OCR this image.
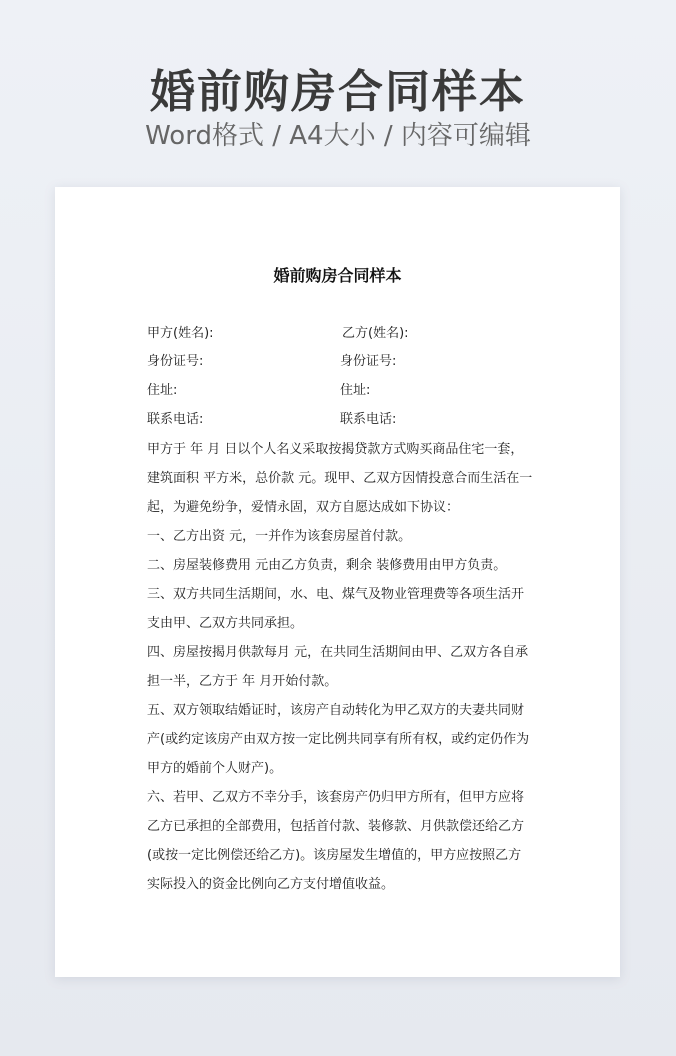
婚前购房合同样本
Word格式 / A4大小 / 内容可编辑
婚前购房合同样本
甲方(姓名):	乙方(姓名):
身份证号:	身份证号:
住址:	住址:
联系电话:	联系电话:

甲方于 年 月 日以个人名义采取按揭贷款方式购买商品住宅一套，建筑面积 平方米，总价款 元。现甲、乙双方因情投意合而生活在一起，为避免纷争，爱情永固，双方自愿达成如下协议：

一、乙方出资 元，一并作为该套房屋首付款。

二、房屋装修费用 元由乙方负责，剩余 装修费用由甲方负责。

三、双方共同生活期间，水、电、煤气及物业管理费等各项生活开支由甲、乙双方共同承担。

四、房屋按揭月供款每月 元，在共同生活期间由甲、乙双方各自承担一半，乙方于 年 月开始付款。

五、双方领取结婚证时，该房产自动转化为甲乙双方的夫妻共同财产(或约定该房产由双方按一定比例共同享有所有权，或约定仍作为甲方的婚前个人财产)。

六、若甲、乙双方不幸分手，该套房产仍归甲方所有，但甲方应将乙方已承担的全部费用，包括首付款、装修款、月供款偿还给乙方(或按一定比例偿还给乙方)。该房屋发生增值的，甲方应按照乙方实际投入的资金比例向乙方支付增值收益。
